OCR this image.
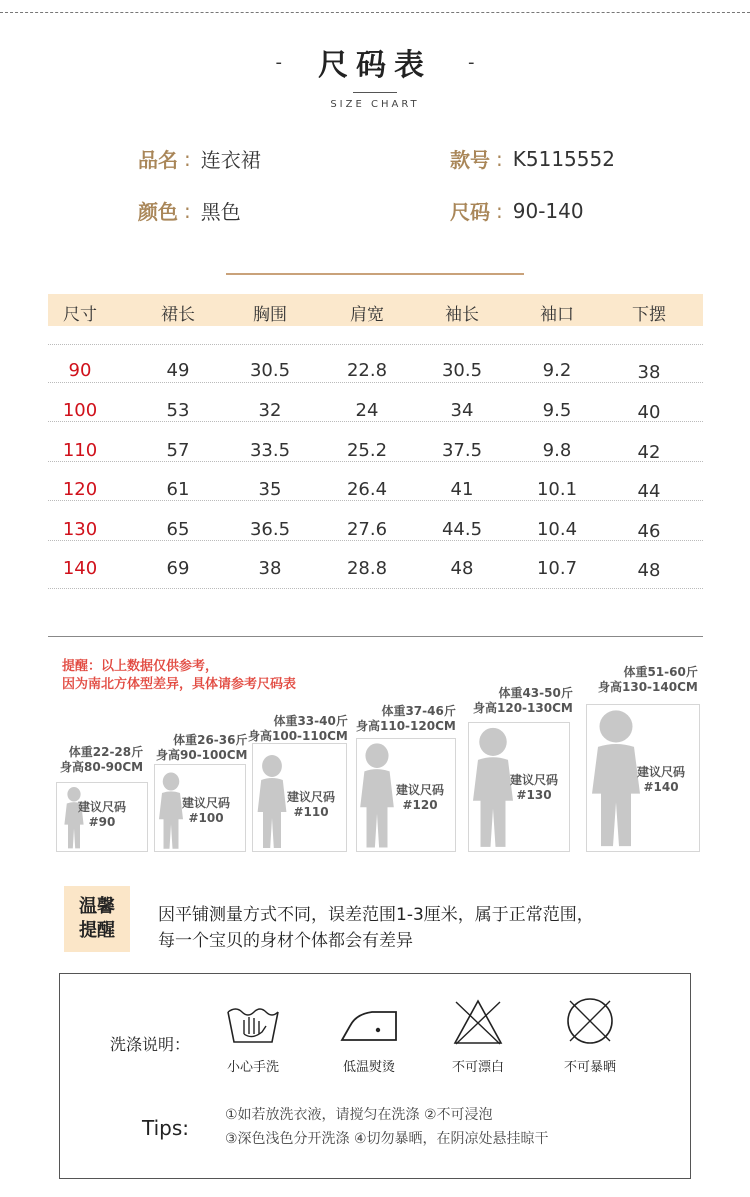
- 尺码表 -
SIZE CHART
品名 : 连衣裙	款号 : K5115552
颜色 : 黑色	尺码 : 90-140
尺寸	裙长	胸围	肩宽	袖长	袖口	下摆
90	49	30.5	22.8	30.5	9.2	38
100	53	32	24	34	9.5	40
110	57	33.5	25.2	37.5	9.8	42
120	61	35	26.4	41	10.1	44
130	65	36.5	27.6	44.5	10.4	46
140	69	38	28.8	48	10.7	48
提醒：以上数据仅供参考，
因为南北方体型差异，具体请参考尺码表
体重22-28斤
身高80-90CM
建议尺码
#90
体重26-36斤
身高90-100CM
建议尺码
#100
体重33-40斤
身高100-110CM
建议尺码
#110
体重37-46斤
身高110-120CM
建议尺码
#120
体重43-50斤
身高120-130CM
建议尺码
#130
体重51-60斤
身高130-140CM
建议尺码
#140
温馨
提醒
因平铺测量方式不同，误差范围1-3厘米，属于正常范围，
每一个宝贝的身材个体都会有差异
洗涤说明：
小心手洗	低温熨烫	不可漂白	不可暴晒
Tips:
①如若放洗衣液，请搅匀在洗涤 ②不可浸泡
③深色浅色分开洗涤 ④切勿暴晒，在阴凉处悬挂晾干
